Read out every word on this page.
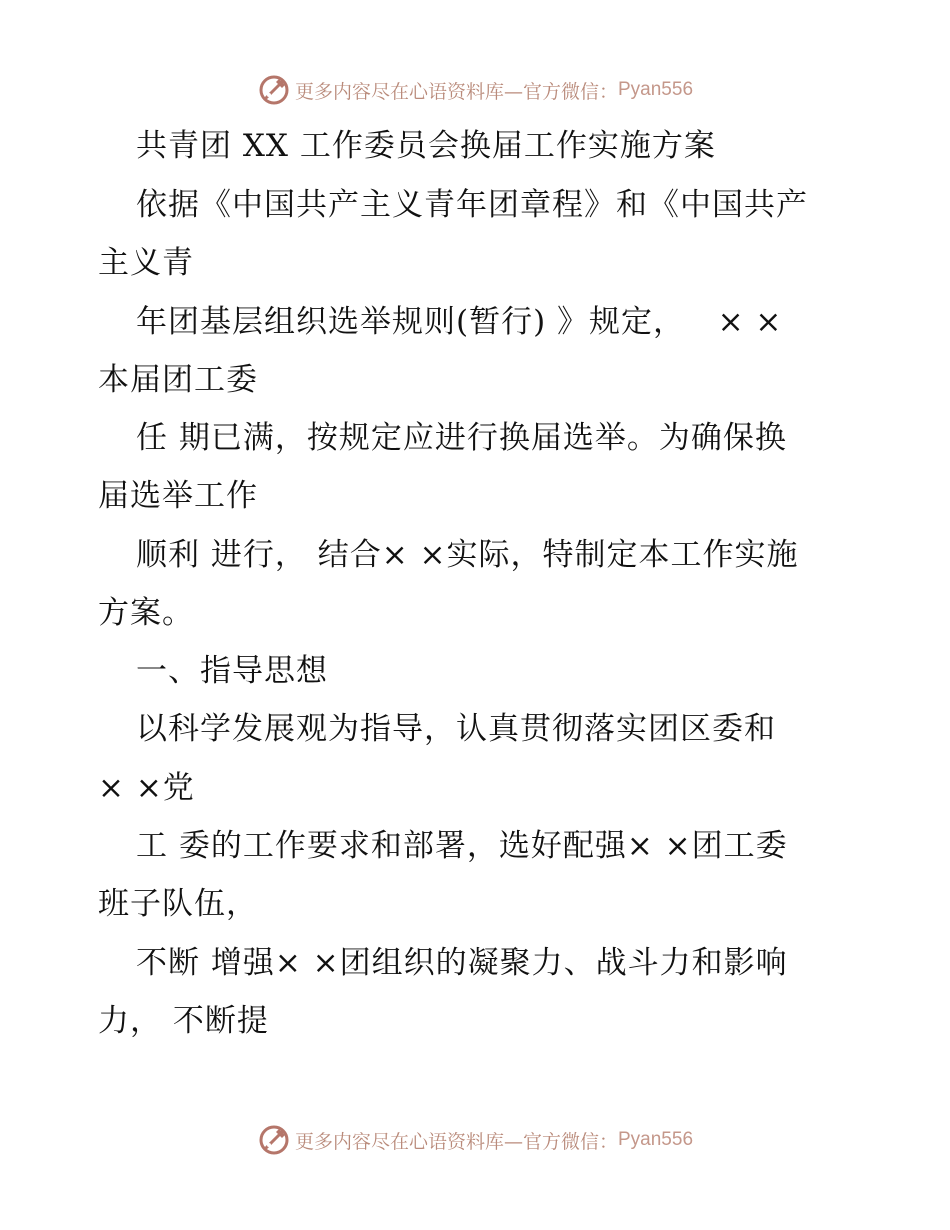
更多内容尽在心语资料库—官方微信： Pyan556
共青团 XX 工作委员会换届工作实施方案
依据《中国共产主义青年团章程》和《中国共产
主义青
年团基层组织选举规则(暂行) 》规定，   × ×
本届团工委
任 期已满，按规定应进行换届选举。为确保换
届选举工作
顺利 进行， 结合× ×实际，特制定本工作实施
方案。
一、指导思想
以科学发展观为指导，认真贯彻落实团区委和
× ×党
工 委的工作要求和部署，选好配强× ×团工委
班子队伍，
不断 增强× ×团组织的凝聚力、战斗力和影响
力， 不断提
更多内容尽在心语资料库—官方微信： Pyan556
